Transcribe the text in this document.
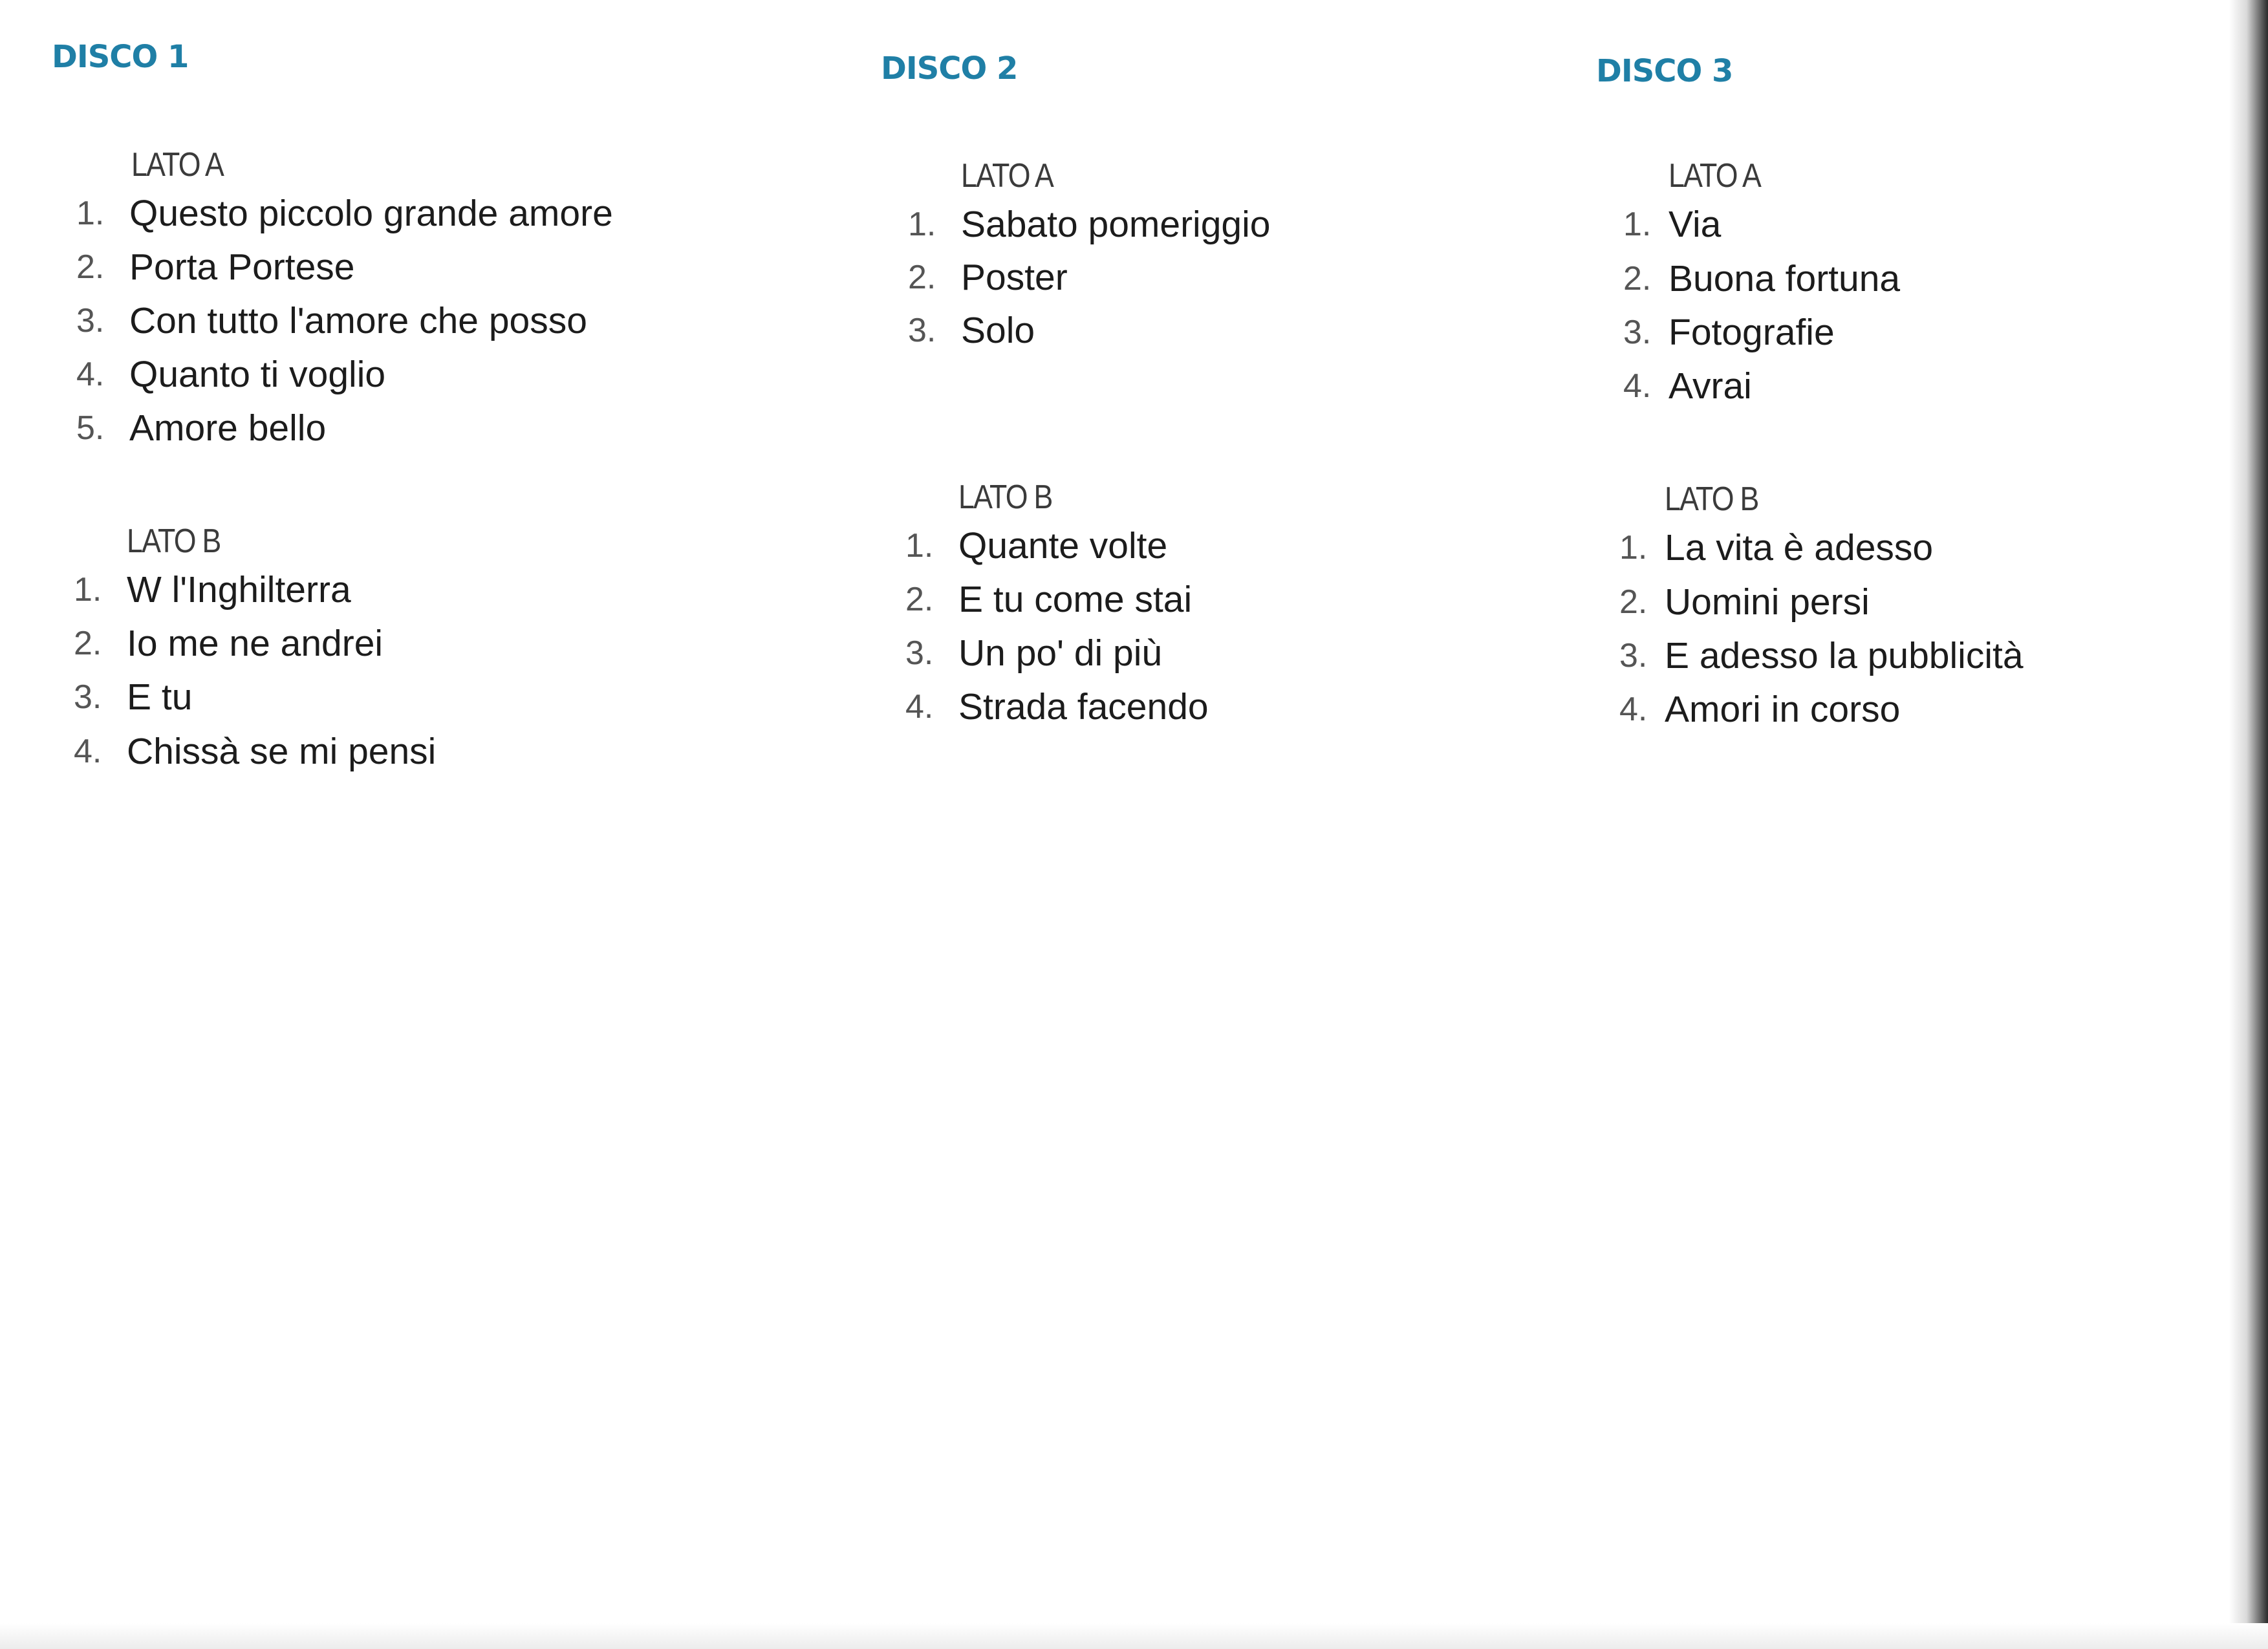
DISCO 1
LATO A
1. Questo piccolo grande amore
2. Porta Portese
3. Con tutto l'amore che posso
4. Quanto ti voglio
5. Amore bello
LATO B
1. W l'Inghilterra
2. Io me ne andrei
3. E tu
4. Chissà se mi pensi
DISCO 2
LATO A
1. Sabato pomeriggio
2. Poster
3. Solo
LATO B
1. Quante volte
2. E tu come stai
3. Un po' di più
4. Strada facendo
DISCO 3
LATO A
1. Via
2. Buona fortuna
3. Fotografie
4. Avrai
LATO B
1. La vita è adesso
2. Uomini persi
3. E adesso la pubblicità
4. Amori in corso
